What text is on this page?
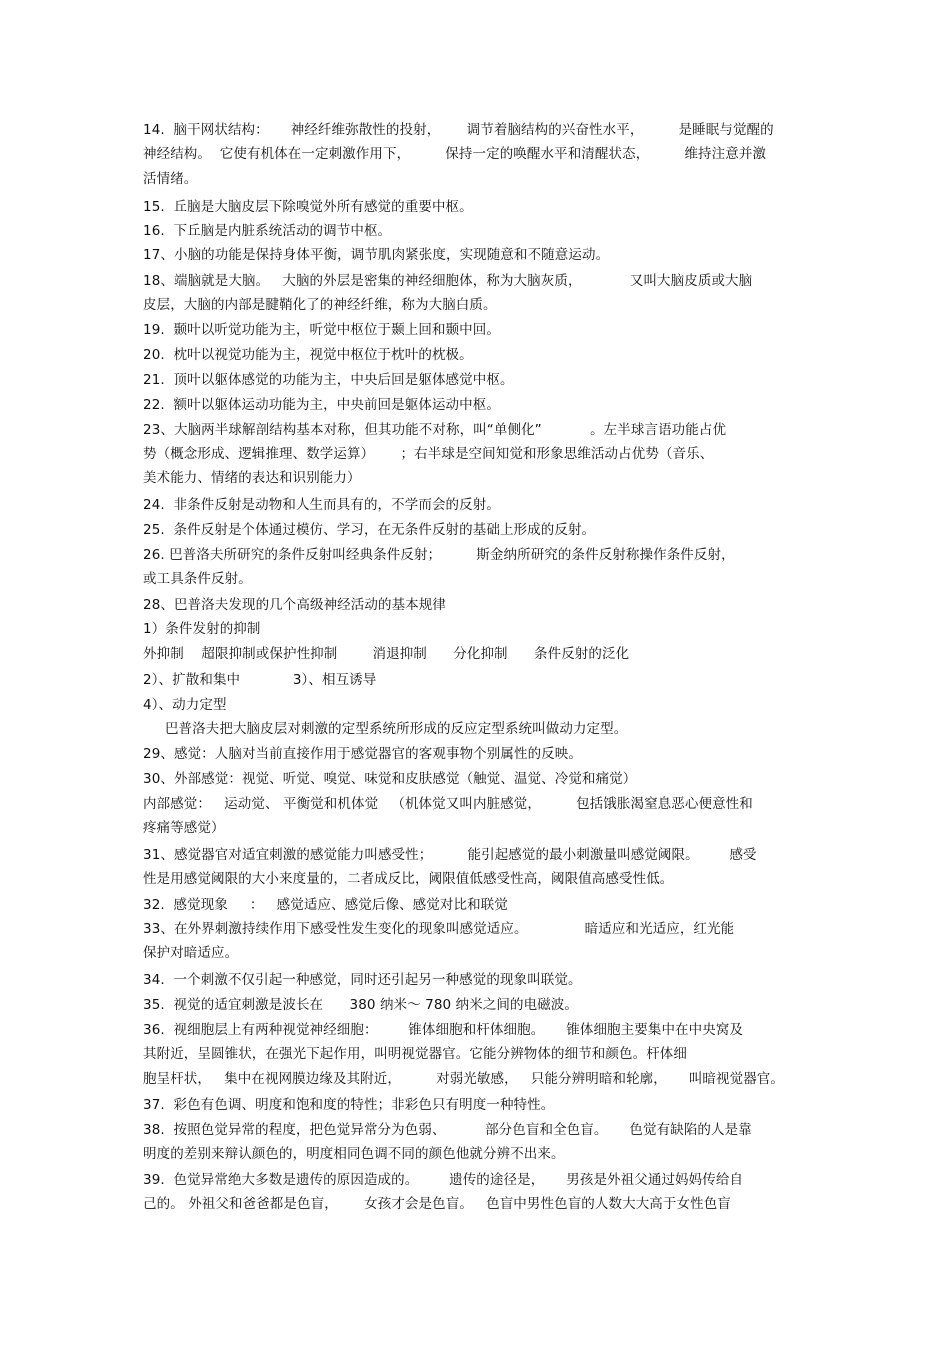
14.  脑干网状结构：     神经纤维弥散性的投射，      调节着脑结构的兴奋性水平，        是睡眠与觉醒的
神经结构。  它使有机体在一定刺激作用下，        保持一定的唤醒水平和清醒状态，        维持注意并激
活情绪。
15.  丘脑是大脑皮层下除嗅觉外所有感觉的重要中枢。
16.  下丘脑是内脏系统活动的调节中枢。
17、小脑的功能是保持身体平衡，调节肌肉紧张度，实现随意和不随意运动。
18、端脑就是大脑。   大脑的外层是密集的神经细胞体，称为大脑灰质，           又叫大脑皮质或大脑
皮层，大脑的内部是腱鞘化了的神经纤维，称为大脑白质。
19.  颞叶以听觉功能为主，听觉中枢位于颞上回和颞中回。
20.  枕叶以视觉功能为主，视觉中枢位于枕叶的枕极。
21.  顶叶以躯体感觉的功能为主，中央后回是躯体感觉中枢。
22.  额叶以躯体运动功能为主，中央前回是躯体运动中枢。
23、大脑两半球解剖结构基本对称，但其功能不对称，叫“单侧化”           。左半球言语功能占优
势（概念形成、逻辑推理、数学运算）      ；右半球是空间知觉和形象思维活动占优势（音乐、
美术能力、情绪的表达和识别能力）
24.  非条件反射是动物和人生而具有的，不学而会的反射。
25.  条件反射是个体通过模仿、学习，在无条件反射的基础上形成的反射。
26. 巴普洛夫所研究的条件反射叫经典条件反射；        斯金纳所研究的条件反射称操作条件反射，
或工具条件反射。
28、巴普洛夫发现的几个高级神经活动的基本规律
1）条件发射的抑制
外抑制    超限抑制或保护性抑制        消退抑制      分化抑制      条件反射的泛化
2）、扩散和集中            3）、相互诱导
4）、动力定型
巴普洛夫把大脑皮层对刺激的定型系统所形成的反应定型系统叫做动力定型。
29、感觉：人脑对当前直接作用于感觉器官的客观事物个别属性的反映。
30、外部感觉：视觉、听觉、嗅觉、味觉和皮肤感觉（触觉、温觉、冷觉和痛觉）
内部感觉：   运动觉、 平衡觉和机体觉   （机体觉又叫内脏感觉，        包括饿胀渴窒息恶心便意性和
疼痛等感觉）
31、感觉器官对适宜刺激的感觉能力叫感受性；        能引起感觉的最小刺激量叫感觉阈限。       感受
性是用感觉阈限的大小来度量的，二者成反比，阈限值低感受性高，阈限值高感受性低。
32.  感觉现象     ：   感觉适应、感觉后像、感觉对比和联觉
33、在外界刺激持续作用下感受性发生变化的现象叫感觉适应。             暗适应和光适应，红光能
保护对暗适应。
34.  一个刺激不仅引起一种感觉，同时还引起另一种感觉的现象叫联觉。
35.  视觉的适宜刺激是波长在      380 纳米～ 780 纳米之间的电磁波。
36.  视细胞层上有两种视觉神经细胞：       锥体细胞和杆体细胞。     锥体细胞主要集中在中央窝及
其附近，呈圆锥状，在强光下起作用，叫明视觉器官。它能分辨物体的细节和颜色。杆体细
胞呈杆状，   集中在视网膜边缘及其附近，        对弱光敏感，   只能分辨明暗和轮廓，     叫暗视觉器官。
37.  彩色有色调、明度和饱和度的特性；非彩色只有明度一种特性。
38.  按照色觉异常的程度，把色觉异常分为色弱、         部分色盲和全色盲。     色觉有缺陷的人是靠
明度的差别来辩认颜色的，明度相同色调不同的颜色他就分辨不出来。
39.  色觉异常绝大多数是遗传的原因造成的。       遗传的途径是，     男孩是外祖父通过妈妈传给自
己的。 外祖父和爸爸都是色盲，      女孩才会是色盲。   色盲中男性色盲的人数大大高于女性色盲
